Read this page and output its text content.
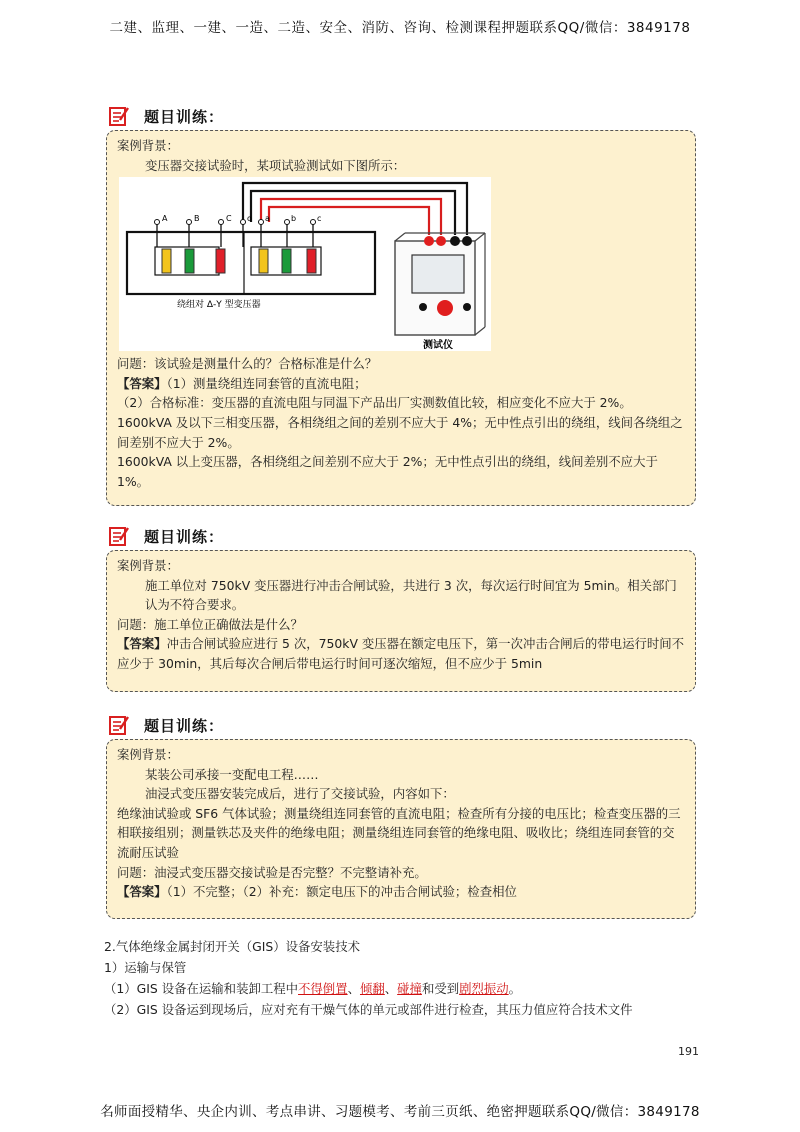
二建、监理、一建、一造、二造、安全、消防、咨询、检测课程押题联系QQ/微信：3849178
题目训练：

案例背景：

变压器交接试验时，某项试验测试如下图所示：

A	B	C o a	b	c
绕组对 Δ-Y 型变压器
测试仪

问题：该试验是测量什么的？合格标准是什么？

【答案】（1）测量绕组连同套管的直流电阻；

（2）合格标准：变压器的直流电阻与同温下产品出厂实测数值比较，相应变化不应大于 2%。

1600kVA 及以下三相变压器，各相绕组之间的差别不应大于 4%；无中性点引出的绕组，线间各绕组之间差别不应大于 2%。

1600kVA 以上变压器，各相绕组之间差别不应大于 2%；无中性点引出的绕组，线间差别不应大于 1%。

题目训练：

案例背景：

施工单位对 750kV 变压器进行冲击合闸试验，共进行 3 次，每次运行时间宜为 5min。相关部门认为不符合要求。

问题：施工单位正确做法是什么？

【答案】冲击合闸试验应进行 5 次，750kV 变压器在额定电压下，第一次冲击合闸后的带电运行时间不应少于 30min，其后每次合闸后带电运行时间可逐次缩短，但不应少于 5min

题目训练：

案例背景：

某装公司承接一变配电工程……

油浸式变压器安装完成后，进行了交接试验，内容如下：

绝缘油试验或 SF6 气体试验；测量绕组连同套管的直流电阻；检查所有分接的电压比；检查变压器的三相联接组别；测量铁芯及夹件的绝缘电阻；测量绕组连同套管的绝缘电阻、吸收比；绕组连同套管的交流耐压试验

问题：油浸式变压器交接试验是否完整？不完整请补充。

【答案】（1）不完整；（2）补充：额定电压下的冲击合闸试验；检查相位

2.气体绝缘金属封闭开关（GIS）设备安装技术

1）运输与保管

（1）GIS 设备在运输和装卸工程中不得倒置、倾翻、碰撞和受到剧烈振动。

（2）GIS 设备运到现场后，应对充有干燥气体的单元或部件进行检查，其压力值应符合技术文件

191
名师面授精华、央企内训、考点串讲、习题模考、考前三页纸、绝密押题联系QQ/微信：3849178
